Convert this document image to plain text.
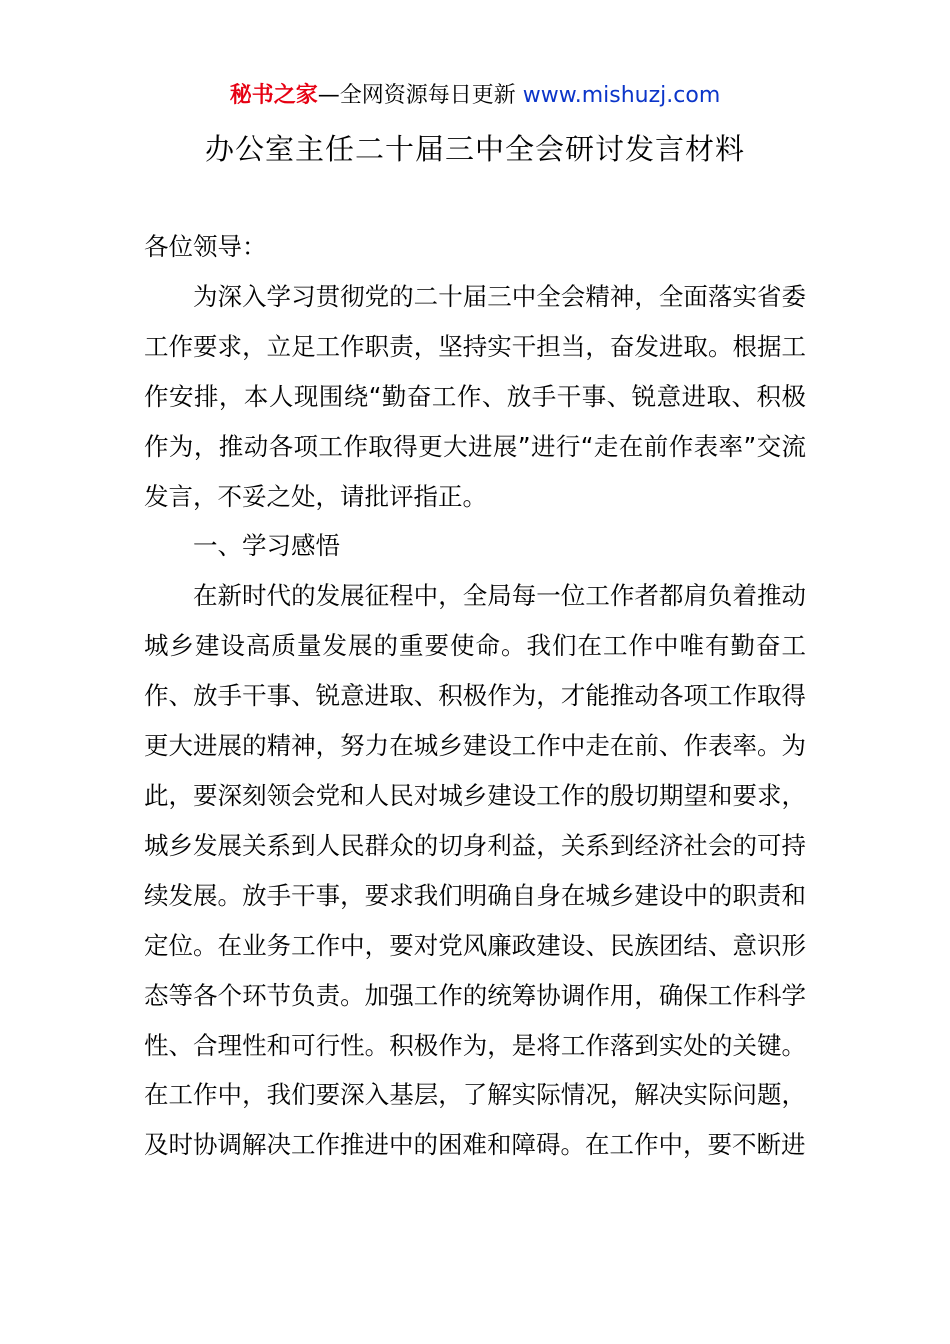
秘书之家—全网资源每日更新 www.mishuzj.com
办公室主任二十届三中全会研讨发言材料

各位领导：

为深入学习贯彻党的二十届三中全会精神，全面落实省委工作要求，立足工作职责，坚持实干担当，奋发进取。根据工作安排，本人现围绕“勤奋工作、放手干事、锐意进取、积极作为，推动各项工作取得更大进展”进行“走在前作表率”交流发言，不妥之处，请批评指正。

一、学习感悟

在新时代的发展征程中，全局每一位工作者都肩负着推动城乡建设高质量发展的重要使命。我们在工作中唯有勤奋工作、放手干事、锐意进取、积极作为，才能推动各项工作取得更大进展的精神，努力在城乡建设工作中走在前、作表率。为此，要深刻领会党和人民对城乡建设工作的殷切期望和要求，城乡发展关系到人民群众的切身利益，关系到经济社会的可持续发展。放手干事，要求我们明确自身在城乡建设中的职责和定位。在业务工作中，要对党风廉政建设、民族团结、意识形态等各个环节负责。加强工作的统筹协调作用，确保工作科学性、合理性和可行性。积极作为，是将工作落到实处的关键。在工作中，我们要深入基层，了解实际情况，解决实际问题，及时协调解决工作推进中的困难和障碍。在工作中，要不断进
